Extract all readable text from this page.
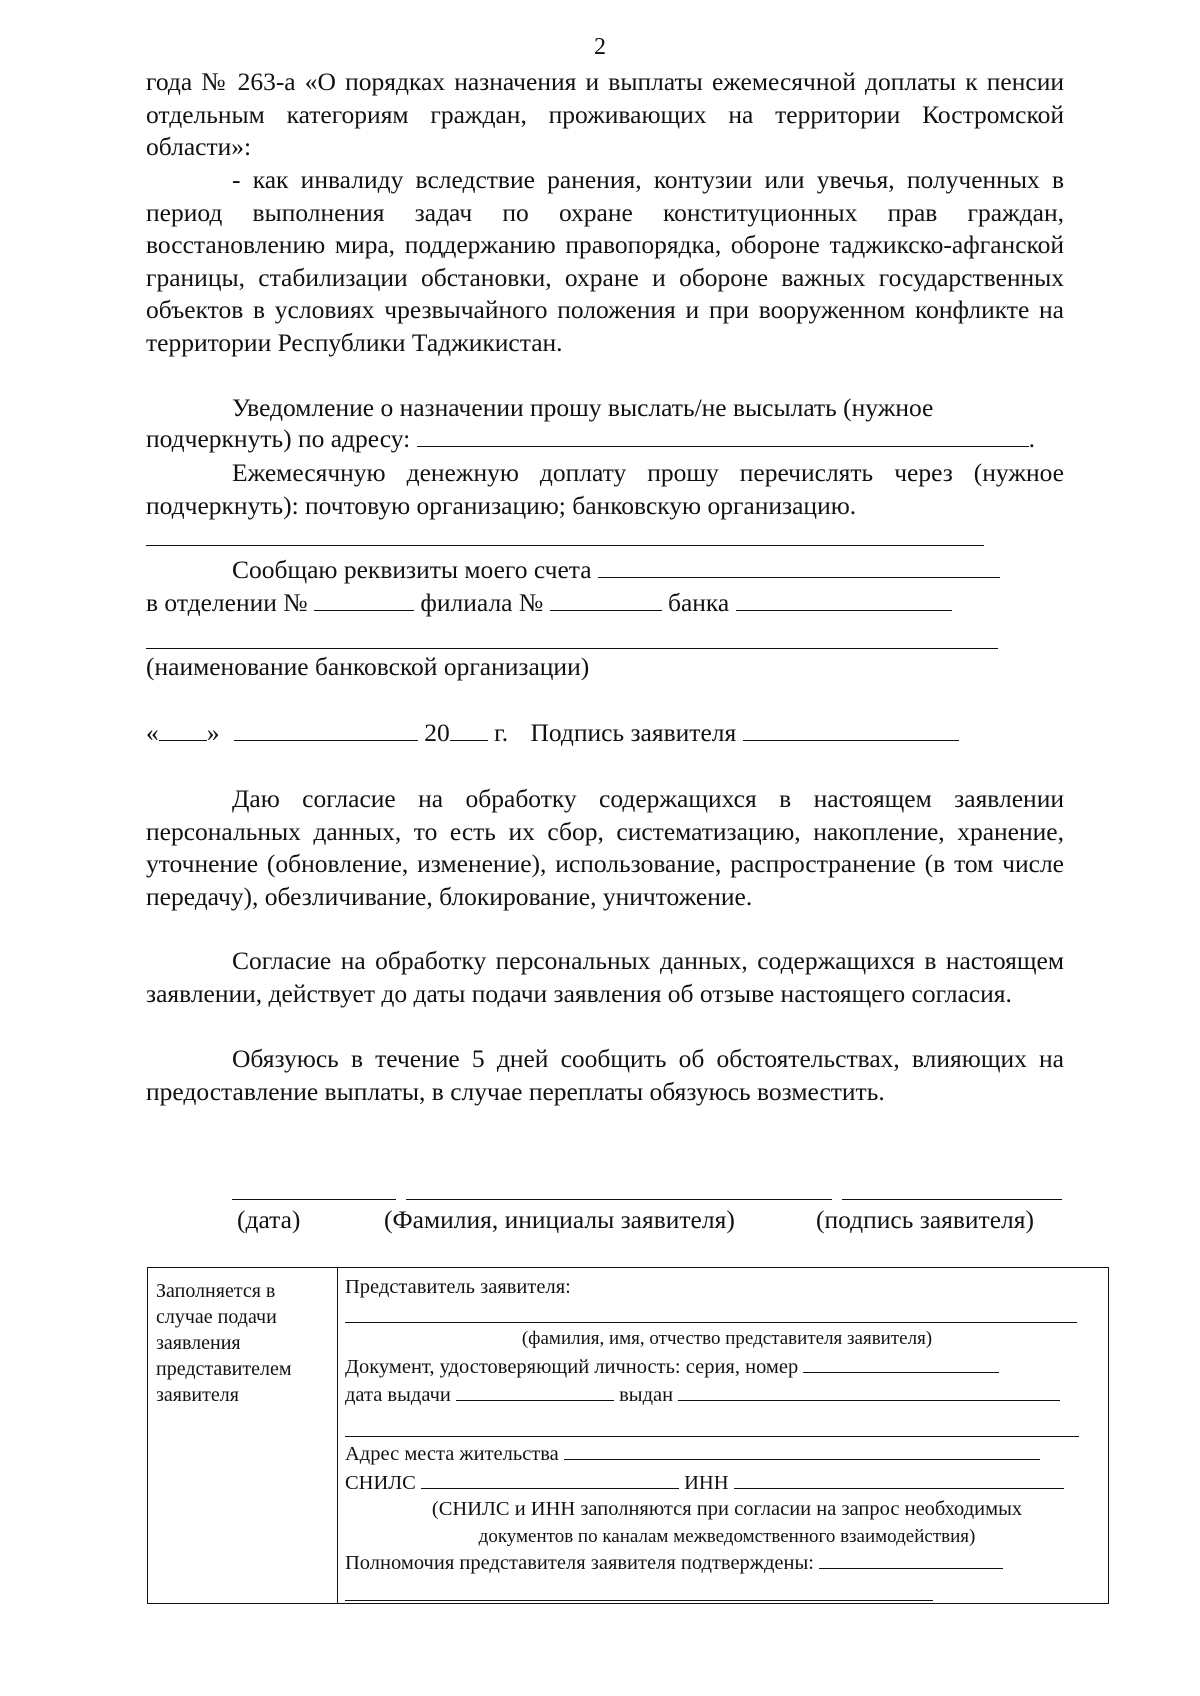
2
года № 263-а «О порядках назначения и выплаты ежемесячной доплаты к пенсии отдельным категориям граждан, проживающих на территории Костромской области»:
- как инвалиду вследствие ранения, контузии или увечья, полученных в период выполнения задач по охране конституционных прав граждан, восстановлению мира, поддержанию правопорядка, обороне таджикско-афганской границы, стабилизации обстановки, охране и обороне важных государственных объектов в условиях чрезвычайного положения и при вооруженном конфликте на территории Республики Таджикистан.
Уведомление о назначении прошу выслать/не высылать (нужное
подчеркнуть) по адресу:	.
Ежемесячную денежную доплату прошу перечислять через (нужное подчеркнуть): почтовую организацию; банковскую организацию.
Сообщаю реквизиты моего счета
в отделении №	филиала №	банка
(наименование банковской организации)
« »	20 г. Подпись заявителя
Даю согласие на обработку содержащихся в настоящем заявлении персональных данных, то есть их сбор, систематизацию, накопление, хранение, уточнение (обновление, изменение), использование, распространение (в том числе передачу), обезличивание, блокирование, уничтожение.
Согласие на обработку персональных данных, содержащихся в настоящем заявлении, действует до даты подачи заявления об отзыве настоящего согласия.
Обязуюсь в течение 5 дней сообщить об обстоятельствах, влияющих на предоставление выплаты, в случае переплаты обязуюсь возместить.
(дата)	(Фамилия, инициалы заявителя)	(подпись заявителя)
Заполняется в случае подачи заявления представителем заявителя
Представитель заявителя:
(фамилия, имя, отчество представителя заявителя)
Документ, удостоверяющий личность: серия, номер
дата выдачи	выдан
Адрес места жительства
СНИЛС	ИНН
(СНИЛС и ИНН заполняются при согласии на запрос необходимых
документов по каналам межведомственного взаимодействия)
Полномочия представителя заявителя подтверждены:
